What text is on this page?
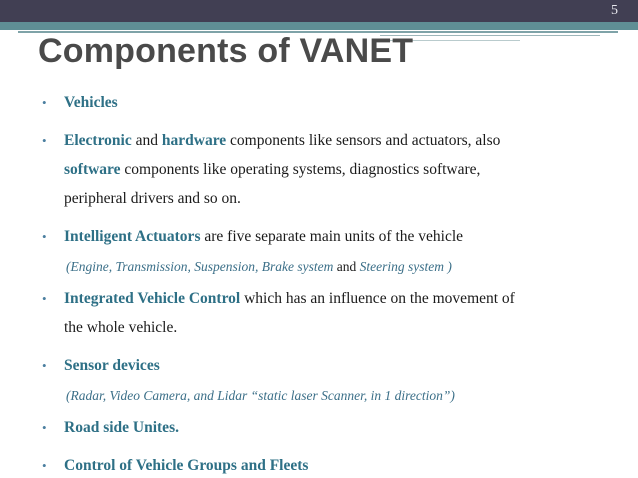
5
Components of VANET
• Vehicles
• Electronic and hardware components like sensors and actuators, also
software components like operating systems, diagnostics software,
peripheral drivers and so on.
• Intelligent Actuators are five separate main units of the vehicle
(Engine, Transmission, Suspension, Brake system and Steering system )
• Integrated Vehicle Control which has an influence on the movement of
the whole vehicle.
• Sensor devices
(Radar, Video Camera, and Lidar “static laser Scanner, in 1 direction”)
• Road side Unites.
• Control of Vehicle Groups and Fleets
